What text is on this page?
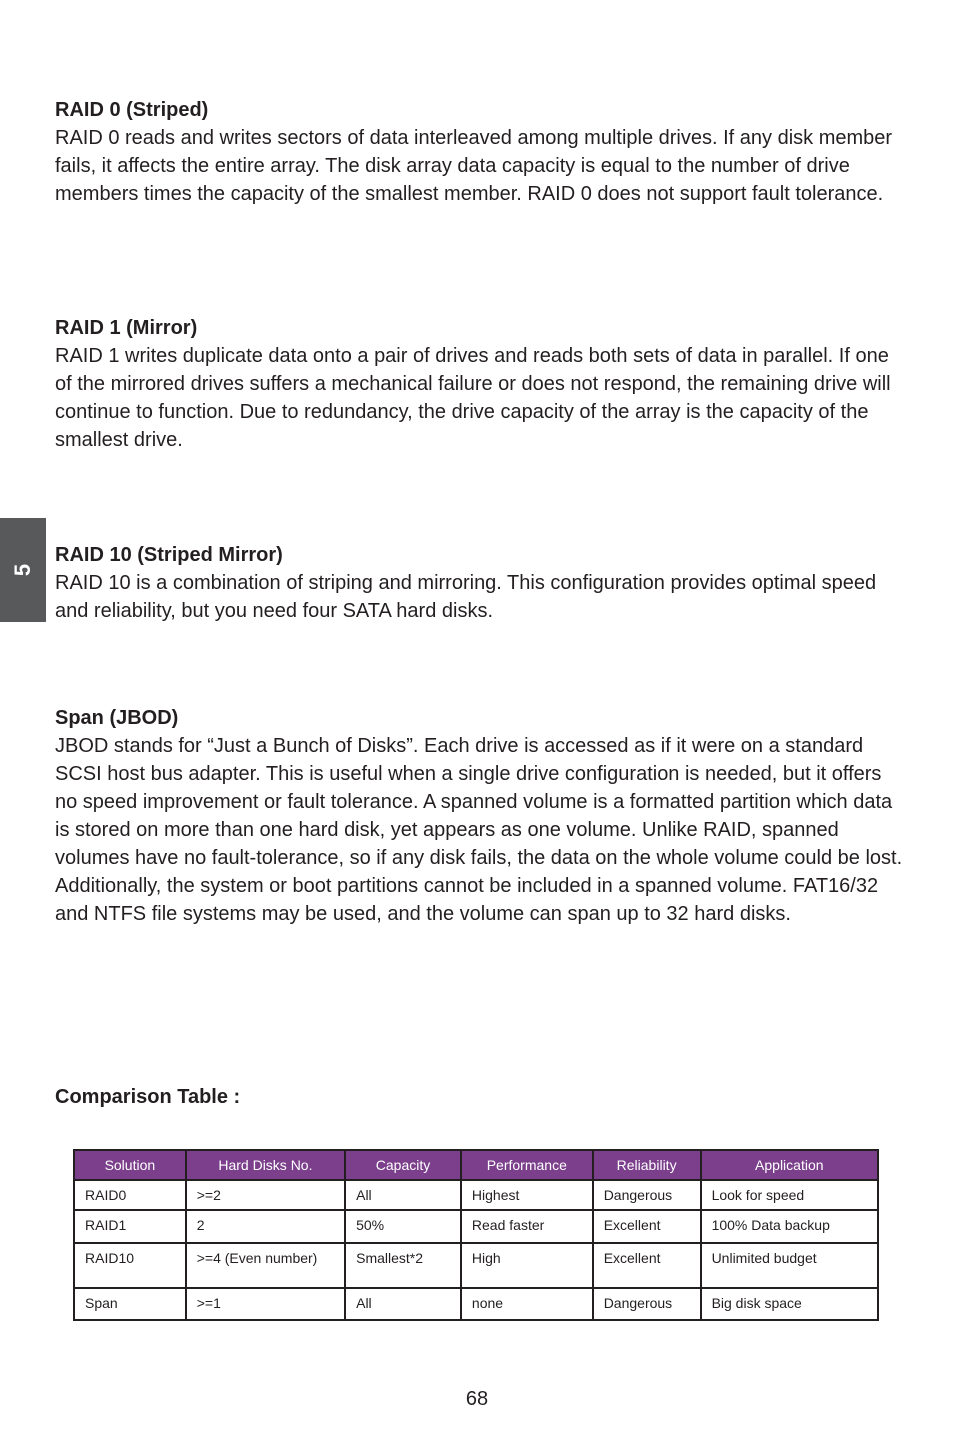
5
RAID 0 (Striped)

RAID 0 reads and writes sectors of data interleaved among multiple drives. If any disk member fails, it affects the entire array. The disk array data capacity is equal to the number of drive members times the capacity of the smallest member. RAID 0 does not support fault tolerance.

RAID 1 (Mirror)

RAID 1 writes duplicate data onto a pair of drives and reads both sets of data in parallel. If one of the mirrored drives suffers a mechanical failure or does not respond, the remaining drive will continue to function. Due to redundancy, the drive capacity of the array is the capacity of the smallest drive.

RAID 10 (Striped Mirror)

RAID 10 is a combination of striping and mirroring. This configuration provides optimal speed and reliability, but you need four SATA hard disks.

Span (JBOD)

JBOD stands for “Just a Bunch of Disks”. Each drive is accessed as if it were on a standard SCSI host bus adapter. This is useful when a single drive configuration is needed, but it offers no speed improvement or fault tolerance. A spanned volume is a formatted partition which data is stored on more than one hard disk, yet appears as one volume. Unlike RAID, spanned volumes have no fault-tolerance, so if any disk fails, the data on the whole volume could be lost. Additionally, the system or boot partitions cannot be included in a spanned volume. FAT16/32 and NTFS file systems may be used, and the volume can span up to 32 hard disks.

Comparison Table :
Solution	Hard Disks No.	Capacity	Performance	Reliability	Application
RAID0	>=2	All	Highest	Dangerous	Look for speed
RAID1	2	50%	Read faster	Excellent	100% Data backup
RAID10	>=4 (Even number)	Smallest*2	High	Excellent	Unlimited budget
Span	>=1	All	none	Dangerous	Big disk space
68
